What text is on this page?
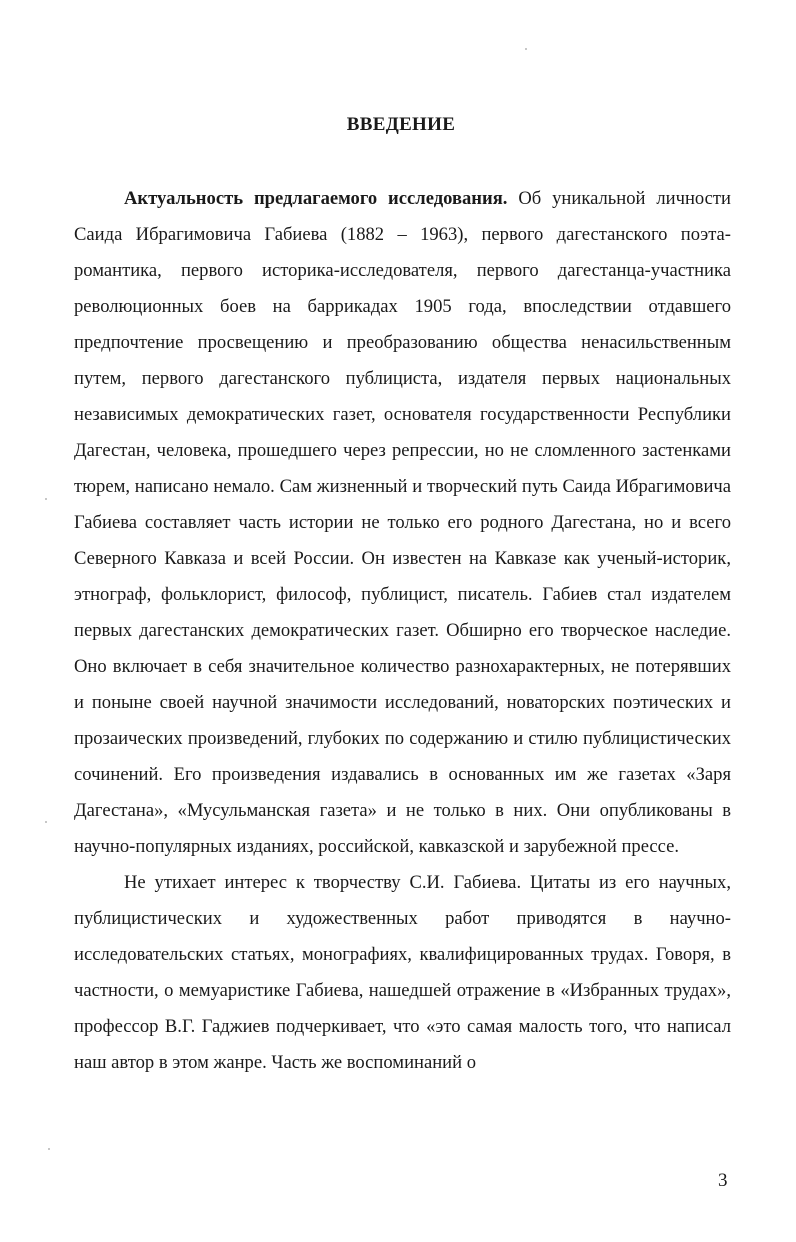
ВВЕДЕНИЕ

Актуальность предлагаемого исследования. Об уникальной личности Саида Ибрагимовича Габиева (1882 – 1963), первого дагестанского поэта-романтика, первого историка-исследователя, первого дагестанца-участника революционных боев на баррикадах 1905 года, впоследствии отдавшего предпочтение просвещению и преобразованию общества ненасильственным путем, первого дагестанского публициста, издателя первых национальных независимых демократических газет, основателя государственности Республики Дагестан, человека, прошедшего через репрессии, но не сломленного застенками тюрем, написано немало. Сам жизненный и творческий путь Саида Ибрагимовича Габиева составляет часть истории не только его родного Дагестана, но и всего Северного Кавказа и всей России. Он известен на Кавказе как ученый-историк, этнограф, фольклорист, философ, публицист, писатель. Габиев стал издателем первых дагестанских демократических газет. Обширно его творческое наследие. Оно включает в себя значительное количество разнохарактерных, не потерявших и поныне своей научной значимости исследований, новаторских поэтических и прозаических произведений, глубоких по содержанию и стилю публицистических сочинений. Его произведения издавались в основанных им же газетах «Заря Дагестана», «Мусульманская газета» и не только в них. Они опубликованы в научно-популярных изданиях, российской, кавказской и зарубежной прессе.

Не утихает интерес к творчеству С.И. Габиева. Цитаты из его научных, публицистических и художественных работ приводятся в научно-исследовательских статьях, монографиях, квалифицированных трудах. Говоря, в частности, о мемуаристике Габиева, нашедшей отражение в «Избранных трудах», профессор В.Г. Гаджиев подчеркивает, что «это самая малость того, что написал наш автор в этом жанре. Часть же воспоминаний о

3
